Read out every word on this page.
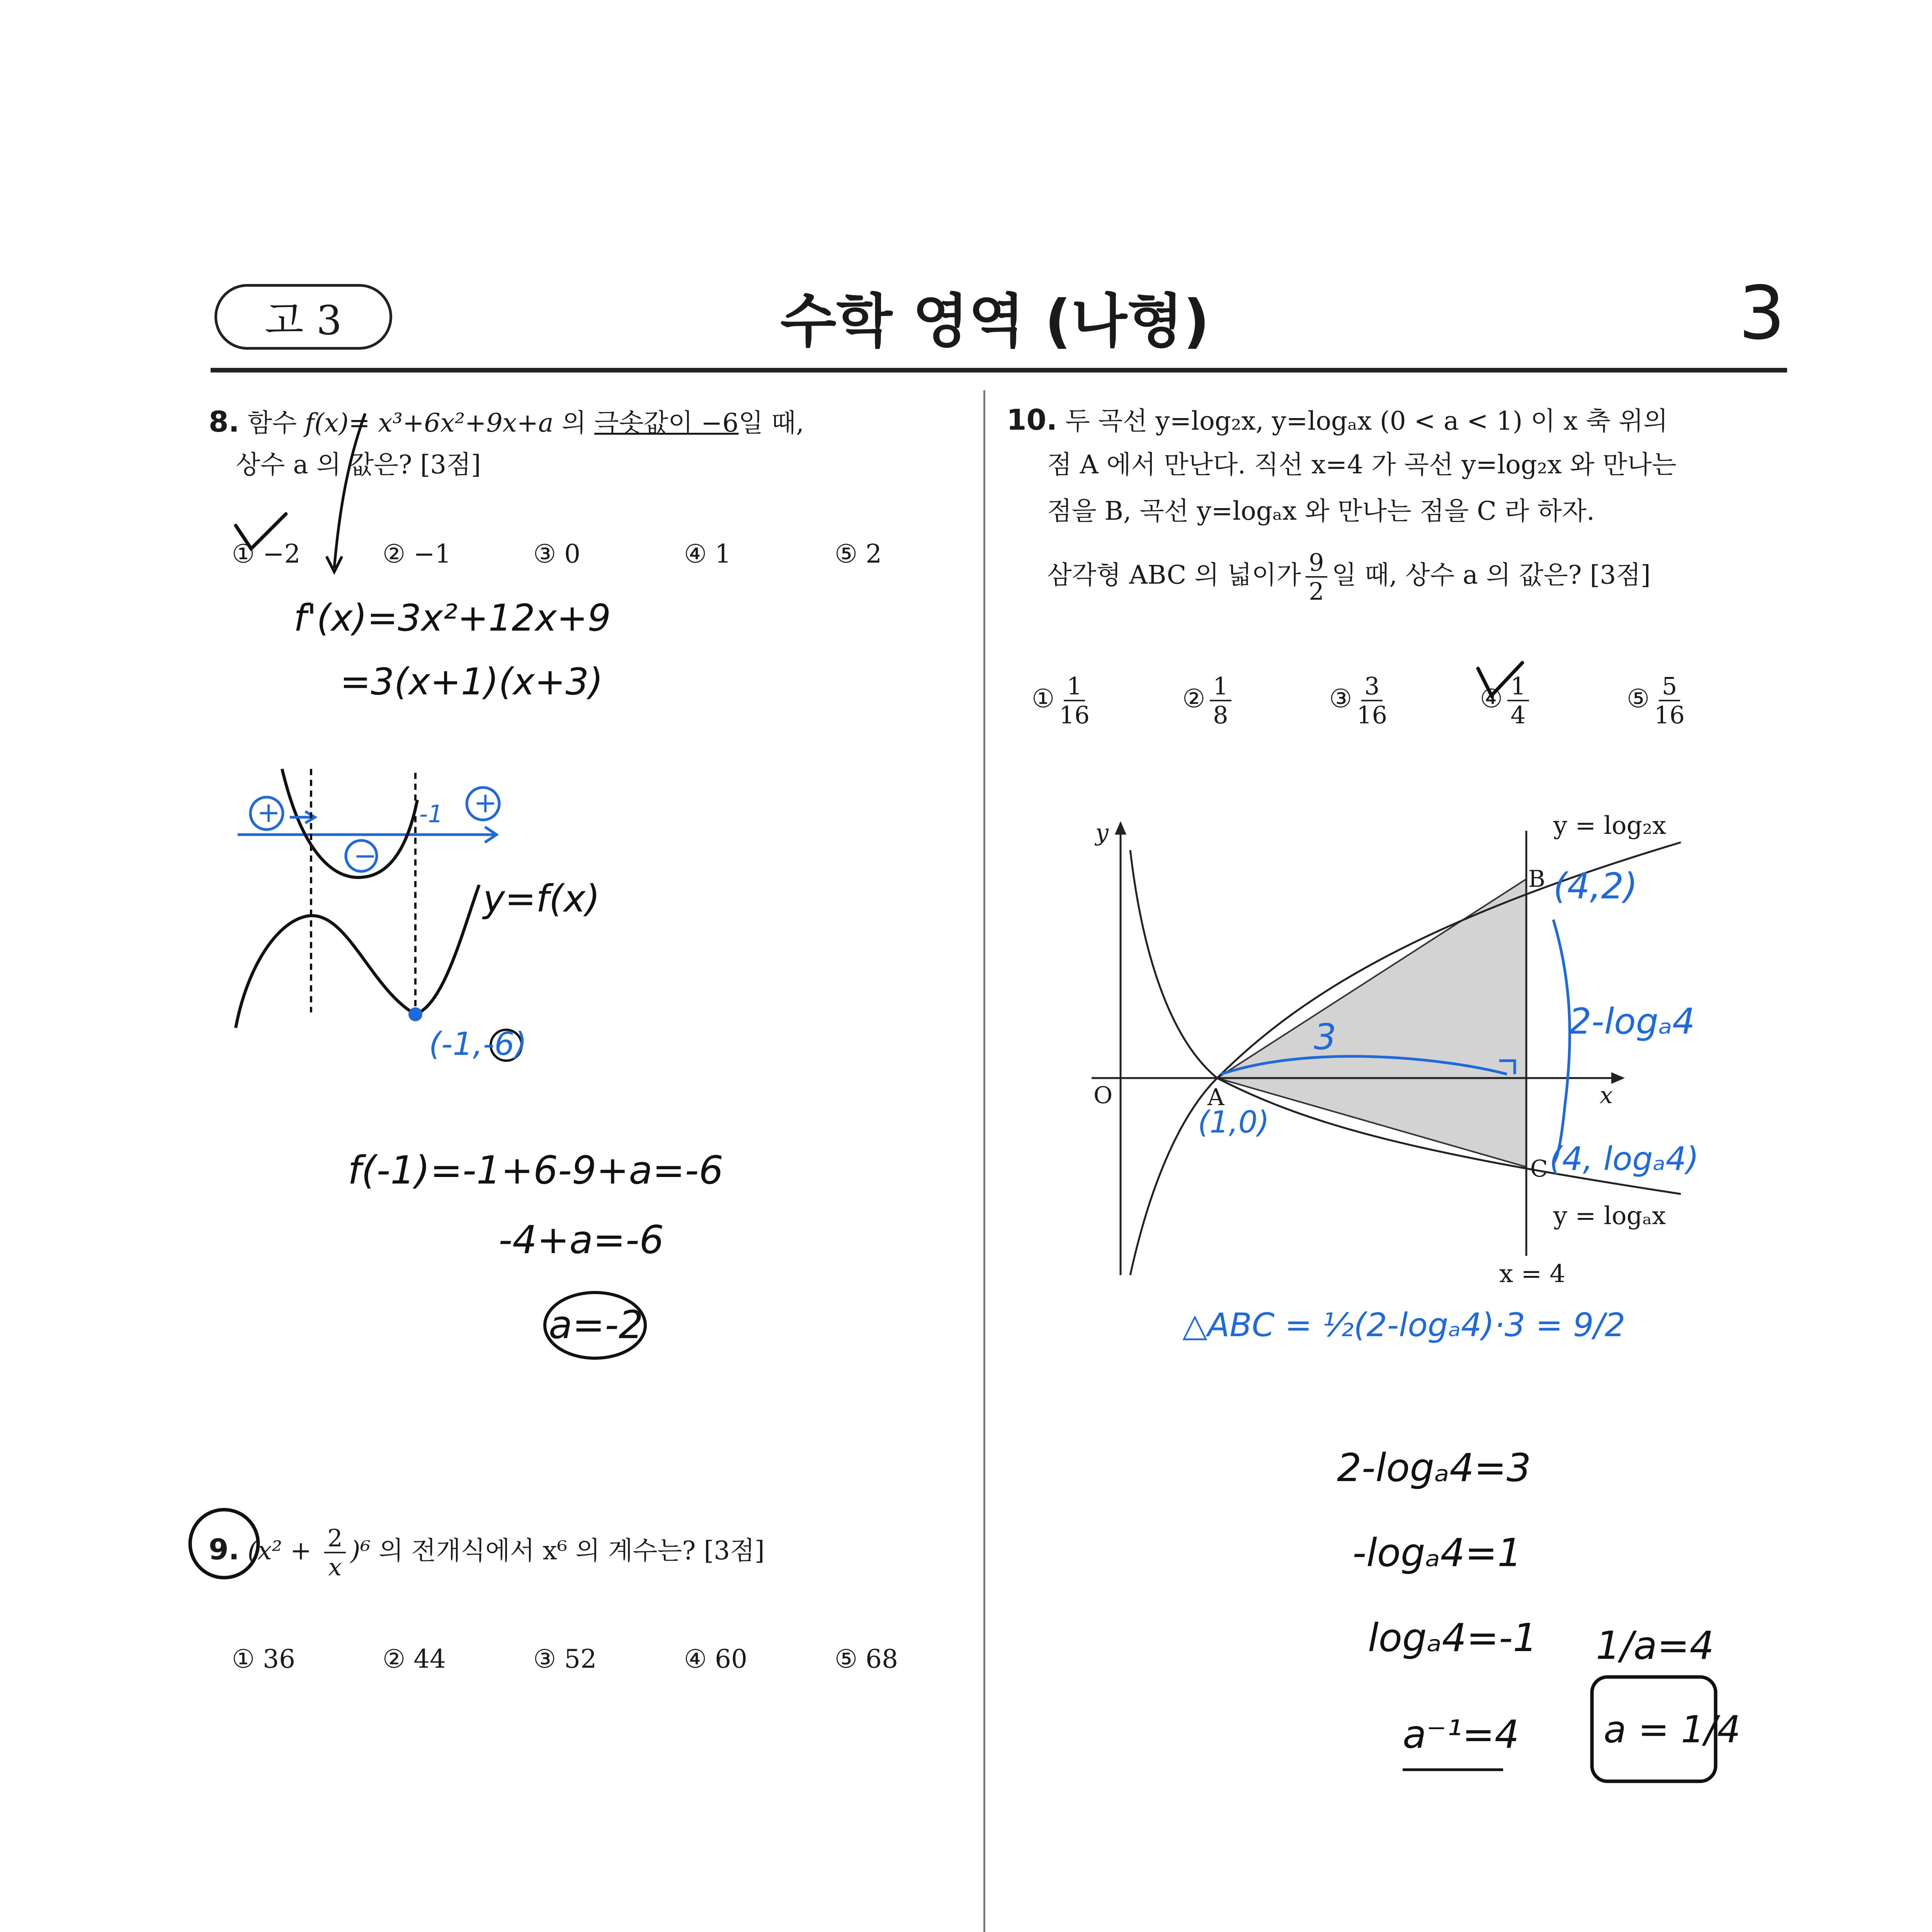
고 3	수학 영역 (나형)	3
8. 함수 f(x)= x³+6x²+9x+a 의 극솟값이 −6일 때,
상수 a 의 값은? [3점]
① −2	② −1	③ 0	④ 1	⑤ 2
f'(x)=3x²+12x+9
=3(x+1)(x+3)
+
−
+
-1
y=f(x)
(-1,-6)
f(-1)=-1+6-9+a=-6
-4+a=-6
a=-2
9. $(x^2 + \frac{2}{x} )^6$ 의 전개식에서 x⁶ 의 계수는? [3점]
① 36	② 44	③ 52	④ 60	⑤ 68
10. 두 곡선 y=log₂x, y=logₐx (0 < a < 1) 이 x 축 위의
점 A 에서 만난다. 직선 x=4 가 곡선 y=log₂x 와 만나는
점을 B, 곡선 y=logₐx 와 만나는 점을 C 라 하자.
삼각형 ABC 의 넓이가 $\frac{9}{2}$ 일 때, 상수 a 의 값은? [3점]
① $\frac{1}{16}$	② $\frac{1}{8}$	③ $\frac{3}{16}$	④ $\frac{1}{4}$	⑤ $\frac{5}{16}$
y
x
O
y = log₂x
y = logₐx
x = 4
A
B
C
(4,2)
2-logₐ4
3
(1,0)
(4, logₐ4)
△ABC = ½(2-logₐ4)·3 = 9/2
2-logₐ4=3
-logₐ4=1
logₐ4=-1
a⁻¹=4
1/a=4
a = 1/4
